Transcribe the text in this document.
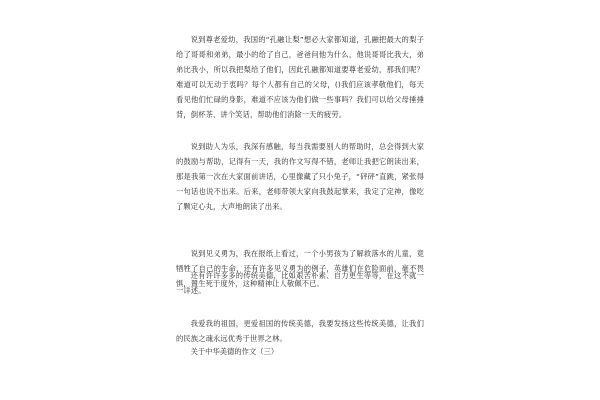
说到尊老爱幼，我国的“孔融让梨”想必大家都知道，孔融把最大的梨子给了哥哥和弟弟，最小的给了自己，爸爸问他为什么，他说哥哥比我大，弟弟比我小，所以我把梨给了他们，因此孔融都知道要尊老爱幼，那我们呢？难道可以无动于衷吗？每个人都有自己的父母，()我们应该孝敬他们，每天看见他们忙碌的身影，难道不应该为他们做一些事吗？我们可以给父母捶捶背，倒杯茶、讲个笑话，帮助他们消除一天的疲劳。

说到助人为乐，我深有感触，每当我需要别人的帮助时，总会得到大家的鼓励与帮助，记得有一天，我的作文写得不错，老师让我把它朗读出来，那是我第一次在大家面前讲话，心里像藏了只小兔子，“砰砰”直跳，紧张得一句话也说不出来。后来，老师带领大家向我鼓起掌来，我定了定神，像吃了颗定心丸，大声地朗读了出来。

说到见义勇为，我在报纸上看过，一个小男孩为了解救落水的儿童，竟牺牲了自己的生命，还有许多见义勇为的例子，英雄们在危险面前，毫不畏惧，置生死于度外，这种精神让人敬佩不已。

还有许许多多的传统美德，比如艰苦朴素、自力更生等等，在这不就一一详述。

我爱我的祖国，更爱祖国的传统美德，我要发扬这些传统美德，让我们的民族之魂永远优秀于世界之林。

关于中华美德的作文（三）
